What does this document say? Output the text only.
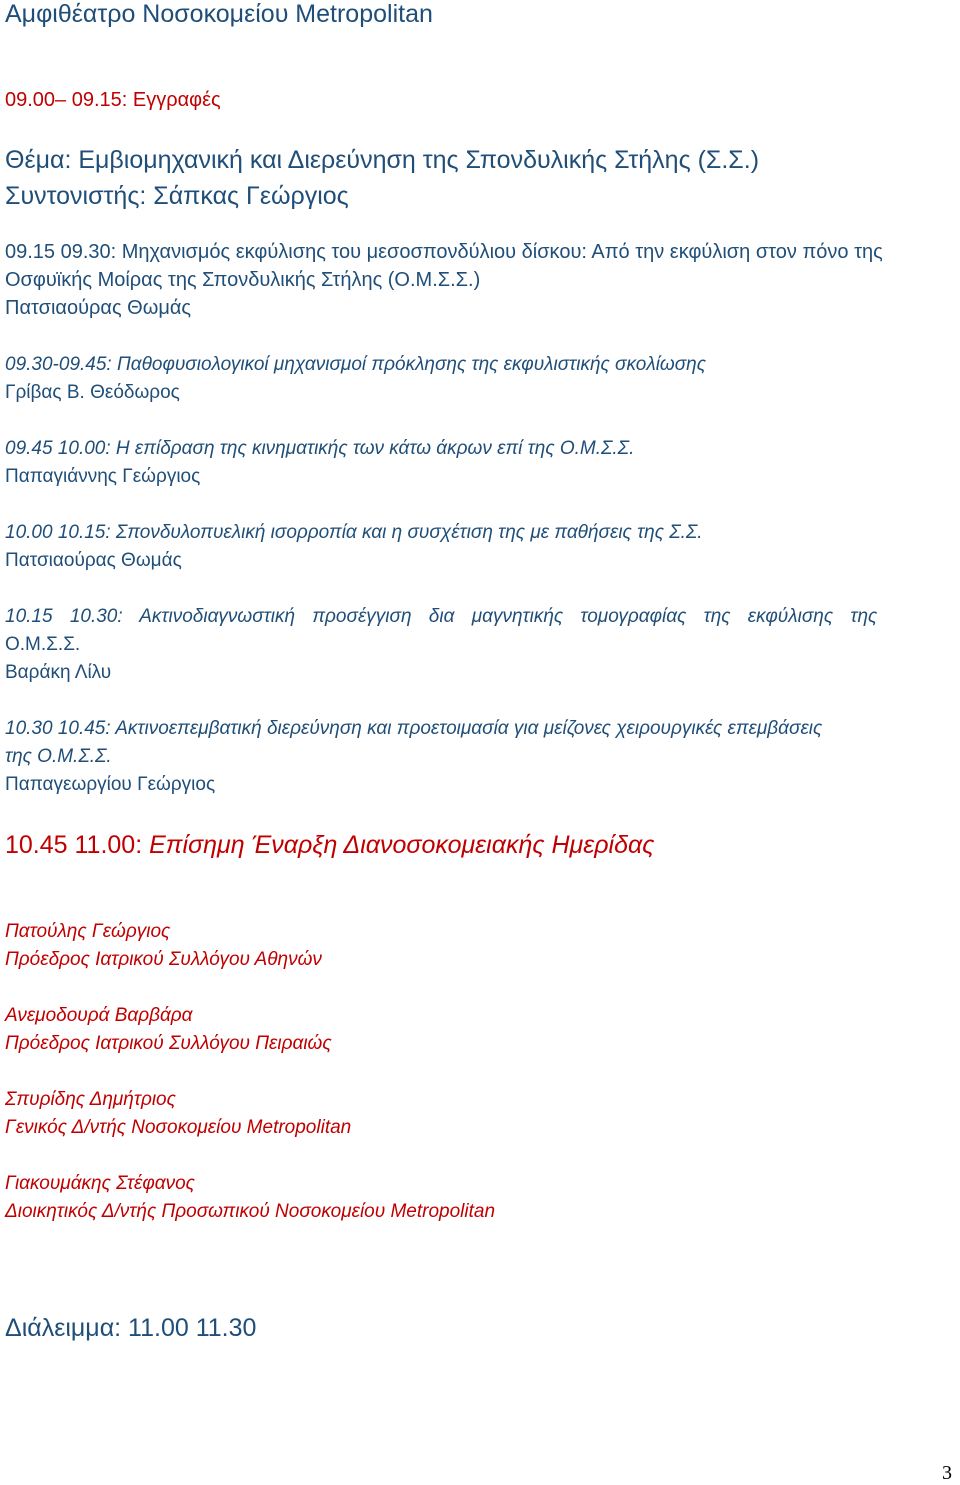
Αμφιθέατρο Νοσοκομείου Metropolitan

09.00– 09.15: Εγγραφές

Θέμα: Εμβιομηχανική και Διερεύνηση της Σπονδυλικής Στήλης (Σ.Σ.)

Συντονιστής: Σάπκας Γεώργιος

09.15 09.30: Μηχανισμός εκφύλισης του μεσοσπονδύλιου δίσκου: Από την εκφύλιση στον πόνο της

Οσφυϊκής Μοίρας της Σπονδυλικής Στήλης (Ο.Μ.Σ.Σ.)

Πατσιαούρας Θωμάς

09.30-09.45: Παθοφυσιολογικοί μηχανισμοί πρόκλησης της εκφυλιστικής σκολίωσης

Γρίβας Β. Θεόδωρος

09.45 10.00: Η επίδραση της κινηματικής των κάτω άκρων επί της Ο.Μ.Σ.Σ.

Παπαγιάννης Γεώργιος

10.00 10.15: Σπονδυλοπυελική ισορροπία και η συσχέτιση της με παθήσεις της Σ.Σ.

Πατσιαούρας Θωμάς

10.15 10.30: Ακτινοδιαγνωστική προσέγγιση δια μαγνητικής τομογραφίας της εκφύλισης της

Ο.Μ.Σ.Σ.

Βαράκη Λίλυ

10.30 10.45: Ακτινοεπεμβατική διερεύνηση και προετοιμασία για μείζονες χειρουργικές επεμβάσεις

της Ο.Μ.Σ.Σ.

Παπαγεωργίου Γεώργιος

10.45 11.00: Επίσημη Έναρξη Διανοσοκομειακής Ημερίδας

Πατούλης Γεώργιος

Πρόεδρος Ιατρικού Συλλόγου Αθηνών

Ανεμοδουρά Βαρβάρα

Πρόεδρος Ιατρικού Συλλόγου Πειραιώς

Σπυρίδης Δημήτριος

Γενικός Δ/ντής Νοσοκομείου Metropolitan

Γιακουμάκης Στέφανος

Διοικητικός Δ/ντής Προσωπικού Νοσοκομείου Metropolitan

Διάλειμμα: 11.00 11.30

3
